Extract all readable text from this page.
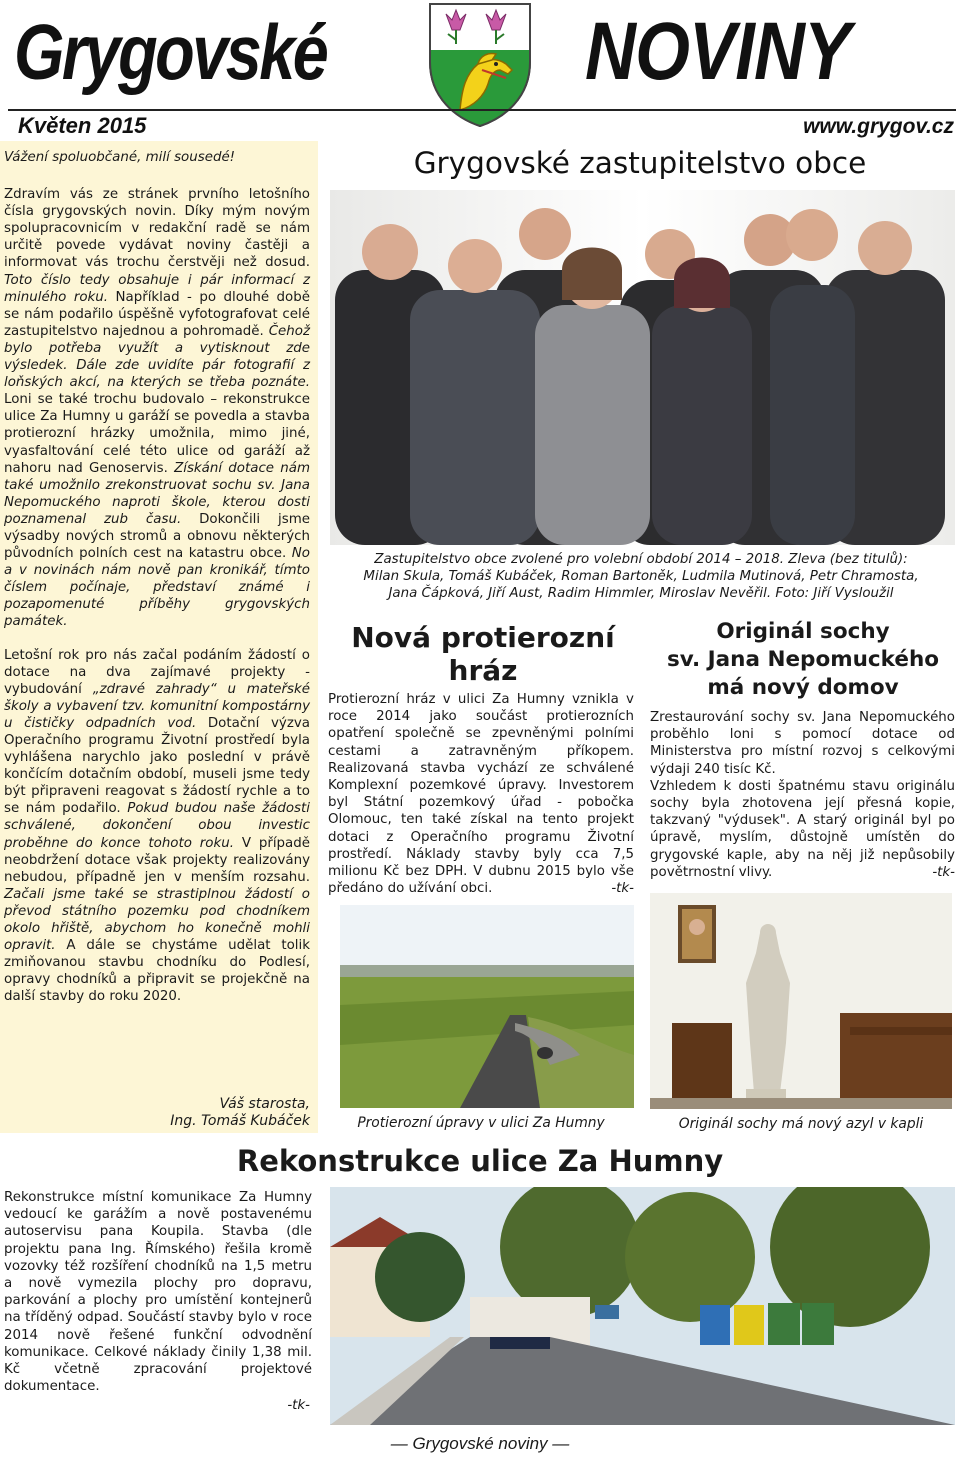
Grygovské	NOVINY
Květen 2015	www.grygov.cz

Vážení spoluobčané, milí sousedé!

Zdravím vás ze stránek prvního letošního čísla grygovských novin. Díky mým novým spolupracovnicím v redakční radě se nám určitě povede vydávat noviny častěji a informovat vás trochu čerstvěji než dosud. Toto číslo tedy obsahuje i pár informací z minulého roku. Například - po dlouhé době se nám podařilo úspěšně vyfotografovat celé zastupitelstvo najednou a pohromadě. Čehož bylo potřeba využít a vytisknout zde výsledek. Dále zde uvidíte pár fotografií z loňských akcí, na kterých se třeba poznáte. Loni se také trochu budovalo – rekonstrukce ulice Za Humny u garáží se povedla a stavba protierozní hrázky umožnila, mimo jiné, vyasfaltování celé této ulice od garáží až nahoru nad Genoservis. Získání dotace nám také umožnilo zrekonstruovat sochu sv. Jana Nepomuckého naproti škole, kterou dosti poznamenal zub času. Dokončili jsme výsadby nových stromů a obnovu některých původních polních cest na katastru obce. No a v novinách nám nově pan kronikář, tímto číslem počínaje, představí známé i pozapomenuté příběhy grygovských památek.

Letošní rok pro nás začal podáním žádostí o dotace na dva zajímavé projekty - vybudování „zdravé zahrady“ u mateřské školy a vybavení tzv. komunitní kompostárny u čističky odpadních vod. Dotační výzva Operačního programu Životní prostředí byla vyhlášena narychlo jako poslední v právě končícím dotačním období, museli jsme tedy být připraveni reagovat s žádostí rychle a to se nám podařilo. Pokud budou naše žádosti schválené, dokončení obou investic proběhne do konce tohoto roku. V případě neobdržení dotace však projekty realizovány nebudou, případně jen v menším rozsahu. Začali jsme také se strastiplnou žádostí o převod státního pozemku pod chodníkem okolo hřiště, abychom ho konečně mohli opravit. A dále se chystáme udělat tolik zmiňovanou stavbu chodníku do Podlesí, opravy chodníků a připravit se projekčně na další stavby do roku 2020.

Váš starosta,
Ing. Tomáš Kubáček
Grygovské zastupitelstvo obce
Zastupitelstvo obce zvolené pro volební období 2014 – 2018. Zleva (bez titulů):
Milan Skula, Tomáš Kubáček, Roman Bartoněk, Ludmila Mutinová, Petr Chramosta,
Jana Čápková, Jiří Aust, Radim Himmler, Miroslav Nevěřil. Foto: Jiří Vysloužil
Nová protierozní
hráz
Protierozní hráz v ulici Za Humny vznikla v roce 2014 jako součást protierozních opatření společně se zpevněnými polními cestami a zatravněným příkopem. Realizovaná stavba vychází ze schválené Komplexní pozemkové úpravy. Investorem byl Státní pozemkový úřad - pobočka Olomouc, ten také získal na tento projekt dotaci z Operačního programu Životní prostředí. Náklady stavby byly cca 7,5 milionu Kč bez DPH. V dubnu 2015 bylo vše předáno do užívání obci.	-tk-
Protierozní úpravy v ulici Za Humny
Originál sochy
sv. Jana Nepomuckého
má nový domov

Zrestaurování sochy sv. Jana Nepomuckého proběhlo loni s pomocí dotace od Ministerstva pro místní rozvoj s celkovými výdaji 240 tisíc Kč.

Vzhledem k dosti špatnému stavu originálu sochy byla zhotovena její přesná kopie, takzvaný "výdusek". A starý originál byl po úpravě, myslím, důstojně umístěn do grygovské kaple, aby na něj již nepůsobily povětrnostní vlivy.	-tk-

Originál sochy má nový azyl v kapli
Rekonstrukce ulice Za Humny
Rekonstrukce místní komunikace Za Humny vedoucí ke garážím a nově postavenému autoservisu pana Koupila. Stavba (dle projektu pana Ing. Římského) řešila kromě vozovky též rozšíření chodníků na 1,5 metru a nově vymezila plochy pro dopravu, parkování a plochy pro umístění kontejnerů na tříděný odpad. Součástí stavby bylo v roce 2014 nově řešené funkční odvodnění komunikace. Celkové náklady činily 1,38 mil. Kč včetně zpracování projektové dokumentace.
-tk-
— Grygovské noviny —
